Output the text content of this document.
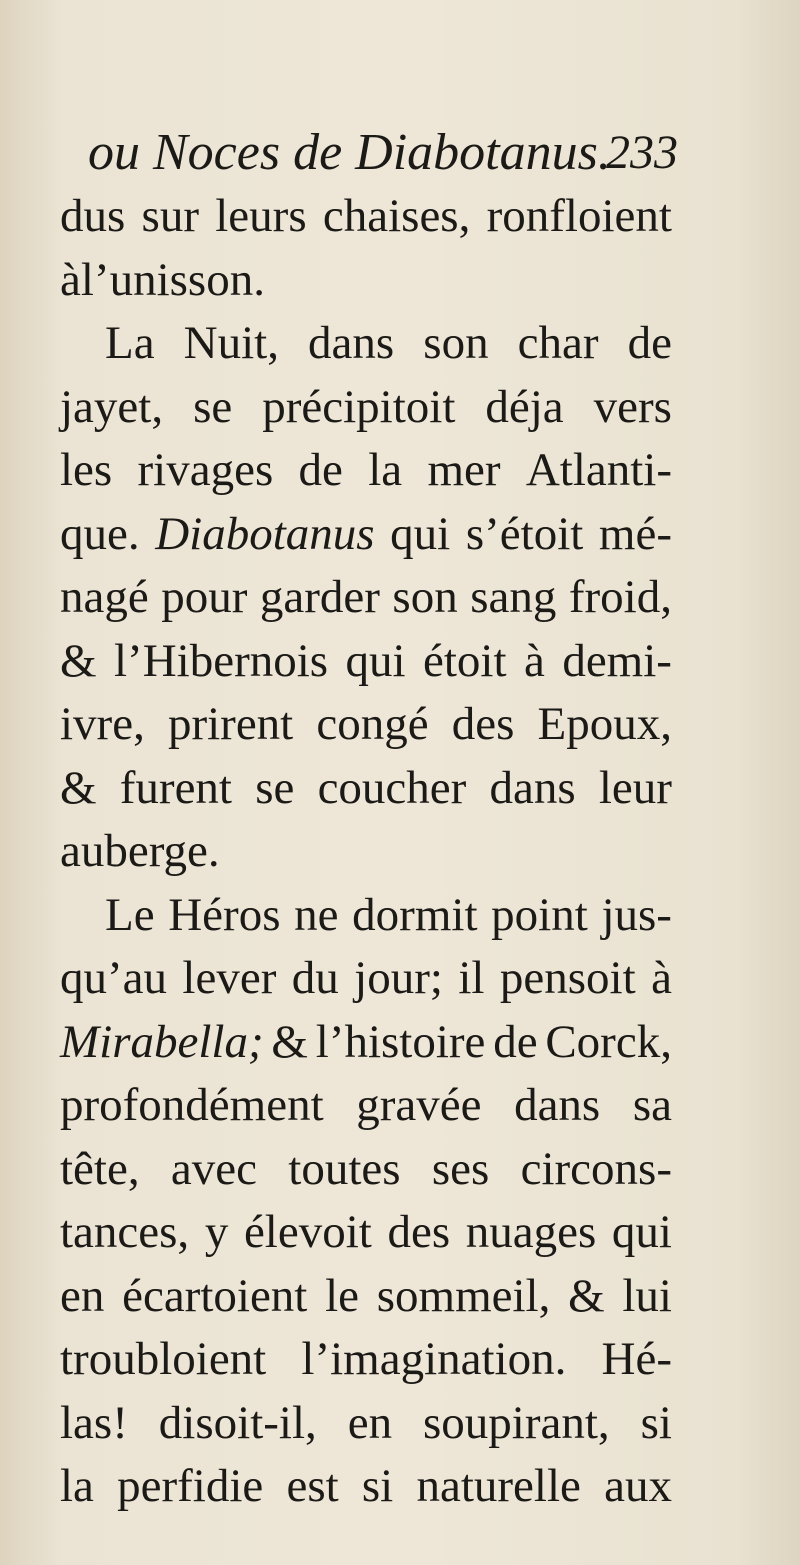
ou Noces de Diabotanus.
233
dus sur leurs chaises, ronfloient
à l’unisson.
La Nuit, dans son char de
jayet, se précipitoit déja vers
les rivages de la mer Atlanti-
que. Diabotanus qui s’étoit mé-
nagé pour garder son sang froid,
& l’Hibernois qui étoit à demi-
ivre, prirent congé des Epoux,
& furent se coucher dans leur
auberge.
Le Héros ne dormit point jus-
qu’au lever du jour; il pensoit à
Mirabella; & l’histoire de Corck,
profondément gravée dans sa
tête, avec toutes ses circons-
tances, y élevoit des nuages qui
en écartoient le sommeil, & lui
troubloient l’imagination. Hé-
las! disoit-il, en soupirant, si
la perfidie est si naturelle aux
